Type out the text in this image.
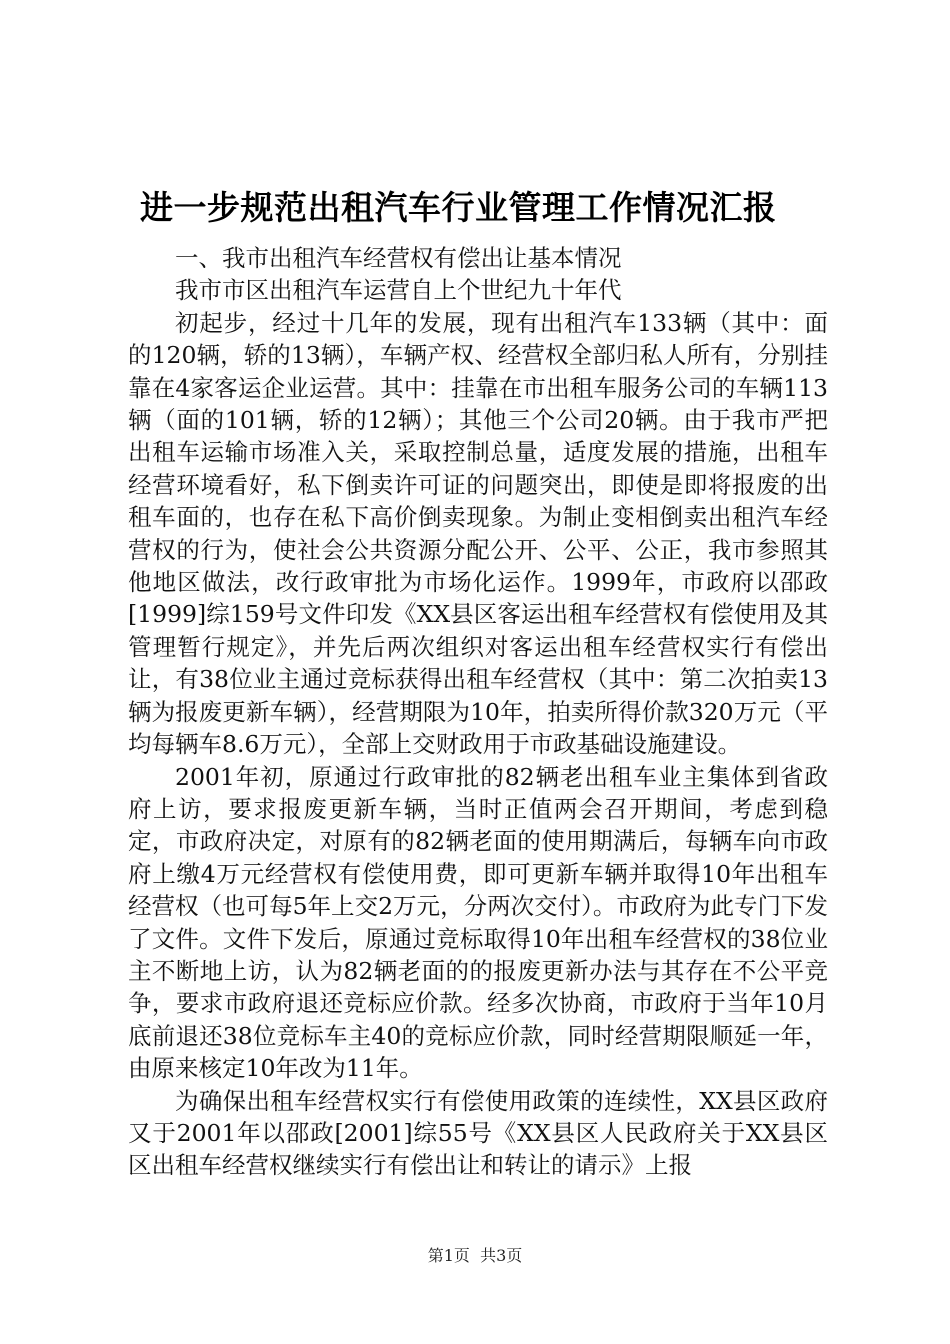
进一步规范出租汽车行业管理工作情况汇报

一、我市出租汽车经营权有偿出让基本情况

我市市区出租汽车运营自上个世纪九十年代

初起步，经过十几年的发展，现有出租汽车133辆（其中：面的120辆，轿的13辆），车辆产权、经营权全部归私人所有，分别挂靠在4家客运企业运营。其中：挂靠在市出租车服务公司的车辆113辆（面的101辆，轿的12辆）；其他三个公司20辆。由于我市严把出租车运输市场准入关，采取控制总量，适度发展的措施，出租车经营环境看好，私下倒卖许可证的问题突出，即使是即将报废的出租车面的，也存在私下高价倒卖现象。为制止变相倒卖出租汽车经营权的行为，使社会公共资源分配公开、公平、公正，我市参照其他地区做法，改行政审批为市场化运作。1999年，市政府以邵政[1999]综159号文件印发《XX县区客运出租车经营权有偿使用及其管理暂行规定》，并先后两次组织对客运出租车经营权实行有偿出让，有38位业主通过竞标获得出租车经营权（其中：第二次拍卖13辆为报废更新车辆），经营期限为10年，拍卖所得价款320万元（平均每辆车8.6万元），全部上交财政用于市政基础设施建设。

2001年初，原通过行政审批的82辆老出租车业主集体到省政府上访，要求报废更新车辆，当时正值两会召开期间，考虑到稳定，市政府决定，对原有的82辆老面的使用期满后，每辆车向市政府上缴4万元经营权有偿使用费，即可更新车辆并取得10年出租车经营权（也可每5年上交2万元，分两次交付）。市政府为此专门下发了文件。文件下发后，原通过竞标取得10年出租车经营权的38位业主不断地上访，认为82辆老面的的报废更新办法与其存在不公平竞争，要求市政府退还竞标应价款。经多次协商，市政府于当年10月底前退还38位竞标车主40的竞标应价款，同时经营期限顺延一年，由原来核定10年改为11年。

为确保出租车经营权实行有偿使用政策的连续性，XX县区政府又于2001年以邵政[2001]综55号《XX县区人民政府关于XX县区区出租车经营权继续实行有偿出让和转让的请示》上报

第1页  共3页
